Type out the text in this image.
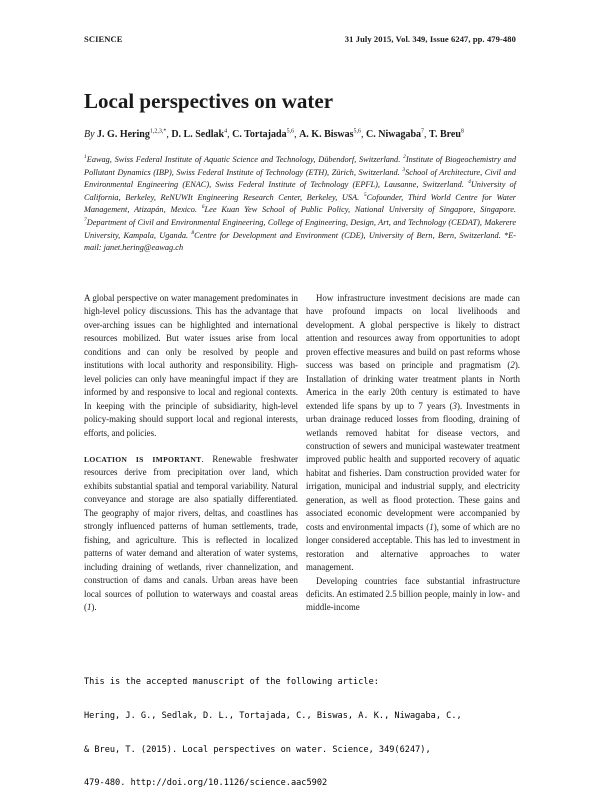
SCIENCE	31 July 2015, Vol. 349, Issue 6247, pp. 479-480
Local perspectives on water
By J. G. Hering$^{1,2,3,*}$, D. L. Sedlak$^4$, C. Tortajada$^{5,6}$, A. K. Biswas$^{5,6}$, C. Niwagaba$^7$, T. Breu$^8$
$^1$Eawag, Swiss Federal Institute of Aquatic Science and Technology, Dübendorf, Switzerland. $^2$Institute of Biogeochemistry and Pollutant Dynamics (IBP), Swiss Federal Institute of Technology (ETH), Zürich, Switzerland. $^3$School of Architecture, Civil and Environmental Engineering (ENAC), Swiss Federal Institute of Technology (EPFL), Lausanne, Switzerland. $^4$University of California, Berkeley, ReNUWIt Engineering Research Center, Berkeley, USA. $^5$Cofounder, Third World Centre for Water Management, Atizapán, Mexico. $^6$Lee Kuan Yew School of Public Policy, National University of Singapore, Singapore. $^7$Department of Civil and Environmental Engineering, College of Engineering, Design, Art, and Technology (CEDAT), Makerere University, Kampala, Uganda. $^8$Centre for Development and Environment (CDE), University of Bern, Bern, Switzerland. *E-mail: janet.hering@eawag.ch

A global perspective on water management predominates in high-level policy discussions. This has the advantage that over-arching issues can be highlighted and international resources mobilized. But water issues arise from local conditions and can only be resolved by people and institutions with local authority and responsibility. High-level policies can only have meaningful impact if they are informed by and responsive to local and regional contexts. In keeping with the principle of subsidiarity, high-level policy-making should support local and regional interests, efforts, and policies.

LOCATION IS IMPORTANT. Renewable freshwater resources derive from precipitation over land, which exhibits substantial spatial and temporal variability. Natural conveyance and storage are also spatially differentiated. The geography of major rivers, deltas, and coastlines has strongly influenced patterns of human settlements, trade, fishing, and agriculture. This is reflected in localized patterns of water demand and alteration of water systems, including draining of wetlands, river channelization, and construction of dams and canals. Urban areas have been local sources of pollution to waterways and coastal areas (1).

How infrastructure investment decisions are made can have profound impacts on local livelihoods and development. A global perspective is likely to distract attention and resources away from opportunities to adopt proven effective measures and build on past reforms whose success was based on principle and pragmatism (2). Installation of drinking water treatment plants in North America in the early 20th century is estimated to have extended life spans by up to 7 years (3). Investments in urban drainage reduced losses from flooding, draining of wetlands removed habitat for disease vectors, and construction of sewers and municipal wastewater treatment improved public health and supported recovery of aquatic habitat and fisheries. Dam construction provided water for irrigation, municipal and industrial supply, and electricity generation, as well as flood protection. These gains and associated economic development were accompanied by costs and environmental impacts (1), some of which are no longer considered acceptable. This has led to investment in restoration and alternative approaches to water management.

Developing countries face substantial infrastructure deficits. An estimated 2.5 billion people, mainly in low- and middle-income

This is the accepted manuscript of the following article:

Hering, J. G., Sedlak, D. L., Tortajada, C., Biswas, A. K., Niwagaba, C.,

& Breu, T. (2015). Local perspectives on water. Science, 349(6247),

479-480. http://doi.org/10.1126/science.aac5902
